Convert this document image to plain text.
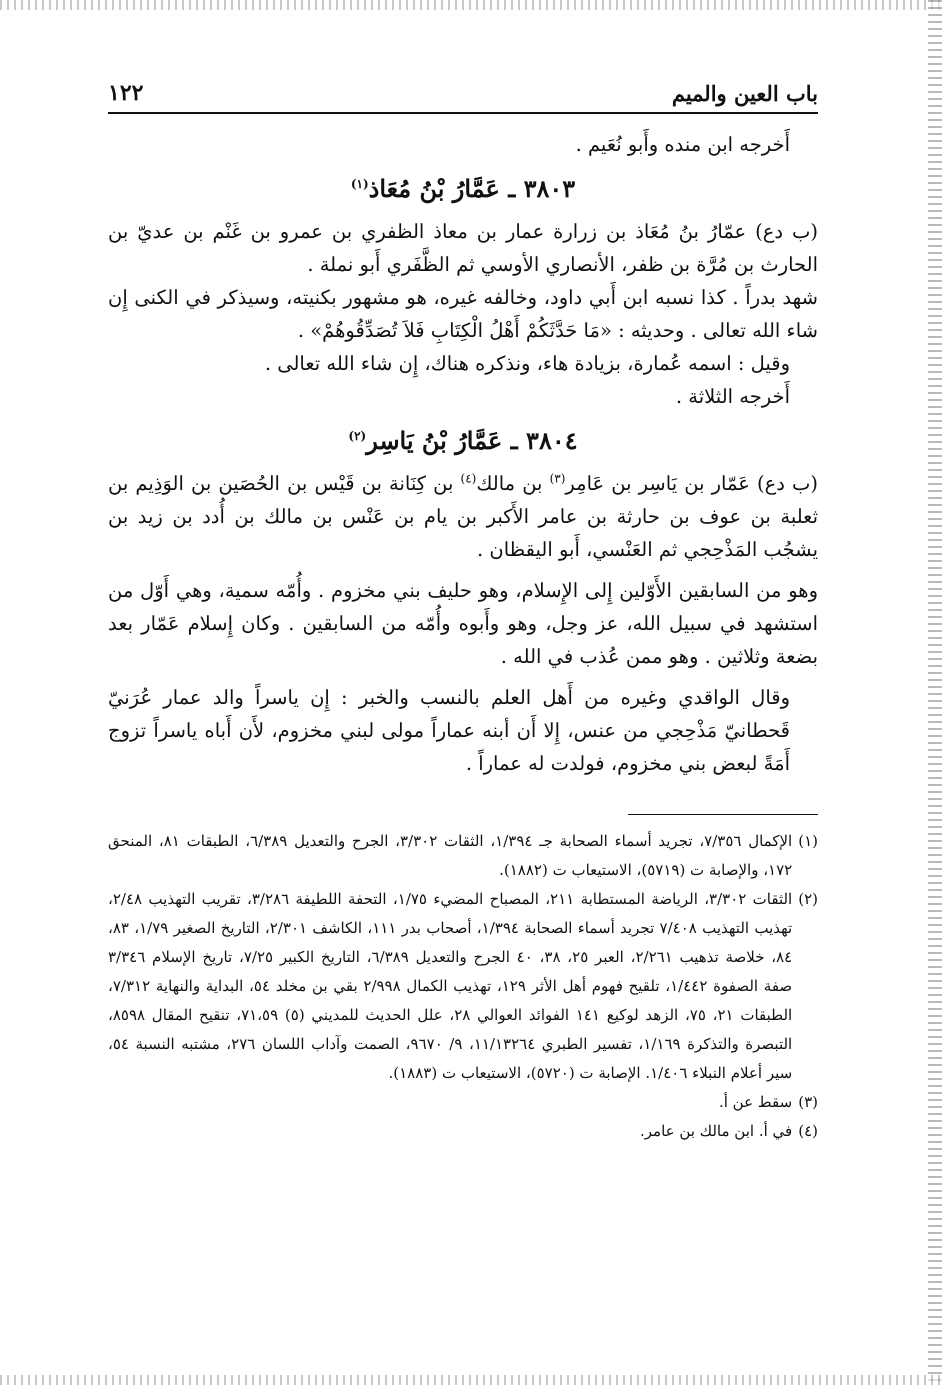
باب العين والميم
١٢٢

أَخرجه ابن منده وأَبو نُعَيم .

٣٨٠٣ ـ عَمَّارُ بْنُ مُعَاذ$^{(١)}$

(ب دع) عمّارُ بنُ مُعَاذ بن زرارة عمار بن معاذ الظفري بن عمرو بن غَنْم بن عديّ بن الحارث بن مُرَّة بن ظفر، الأنصاري الأوسي ثم الظَّفَري أَبو نملة .

شهد بدراً . كذا نسبه ابن أَبي داود، وخالفه غيره، هو مشهور بكنيته، وسيذكر في الكنى إِن شاء الله تعالى . وحديثه : «مَا حَدَّثَكُمْ أَهْلُ الْكِتَابِ فَلاَ تُصَدِّقُوهُمْ» .

وقيل : اسمه عُمارة، بزيادة هاء، ونذكره هناك، إِن شاء الله تعالى .

أَخرجه الثلاثة .

٣٨٠٤ ـ عَمَّارُ بْنُ يَاسِر$^{(٢)}$

(ب دع) عَمّار بن يَاسِر بن عَامِر$^{(٣)}$ بن مالك$^{(٤)}$ بن كِنَانة بن قَيْس بن الحُصَين بن الوَذِيم بن ثعلبة بن عوف بن حارثة بن عامر الأَكبر بن يام بن عَنْس بن مالك بن أُدد بن زيد بن يشجُب المَذْحِجي ثم العَنْسي، أَبو اليقظان .

وهو من السابقين الأَوّلين إِلى الإِسلام، وهو حليف بني مخزوم . وأُمّه سمية، وهي أَوّل من استشهد في سبيل الله، عز وجل، وهو وأَبوه وأُمّه من السابقين . وكان إِسلام عَمّار بعد بضعة وثلاثين . وهو ممن عُذب في الله .

وقال الواقدي وغيره من أَهل العلم بالنسب والخبر : إِن ياسراً والد عمار عُرَنيّ قَحطانيّ مَذْحِجي من عنس، إِلا أَن أبنه عماراً مولى لبني مخزوم، لأَن أَباه ياسراً تزوج أَمَةً لبعض بني مخزوم، فولدت له عماراً .

(١)
الإكمال ٧/٣٥٦، تجريد أسماء الصحابة جـ ١/٣٩٤، الثقات ٣/٣٠٢، الجرح والتعديل ٦/٣٨٩، الطبقات ٨١، المنحق ١٧٢، والإصابة ت (٥٧١٩)، الاستيعاب ت (١٨٨٢).
(٢)
الثقات ٣/٣٠٢، الرياضة المستطابة ٢١١، المصباح المضيء ١/٧٥، التحفة اللطيفة ٣/٢٨٦، تقريب التهذيب ٢/٤٨، تهذيب التهذيب ٧/٤٠٨ تجريد أسماء الصحابة ١/٣٩٤، أصحاب بدر ١١١، الكاشف ٢/٣٠١، التاريخ الصغير ١/٧٩، ٨٣، ٨٤، خلاصة تذهيب ٢/٢٦١، العبر ٢٥، ٣٨، ٤٠ الجرح والتعديل ٦/٣٨٩، التاريخ الكبير ٧/٢٥، تاريخ الإسلام ٣/٣٤٦ صفة الصفوة ١/٤٤٢، تلقيح فهوم أهل الأثر ١٢٩، تهذيب الكمال ٢/٩٩٨ بقي بن مخلد ٥٤، البداية والنهاية ٧/٣١٢، الطبقات ٢١، ٧٥، الزهد لوكيع ١٤١ الفوائد العوالي ٢٨، علل الحديث للمديني (٥) ٧١،٥٩، تنقيح المقال ٨٥٩٨، التبصرة والتذكرة ١/١٦٩، تفسير الطبري ١١/١٣٢٦٤، ٩/ ٩٦٧٠، الصمت وآداب اللسان ٢٧٦، مشتبه النسبة ٥٤، سير أعلام النبلاء ١/٤٠٦. الإصابة ت (٥٧٢٠)، الاستيعاب ت (١٨٨٣).
(٣)
سقط عن أ.
(٤)
في أ. ابن مالك بن عامر.
